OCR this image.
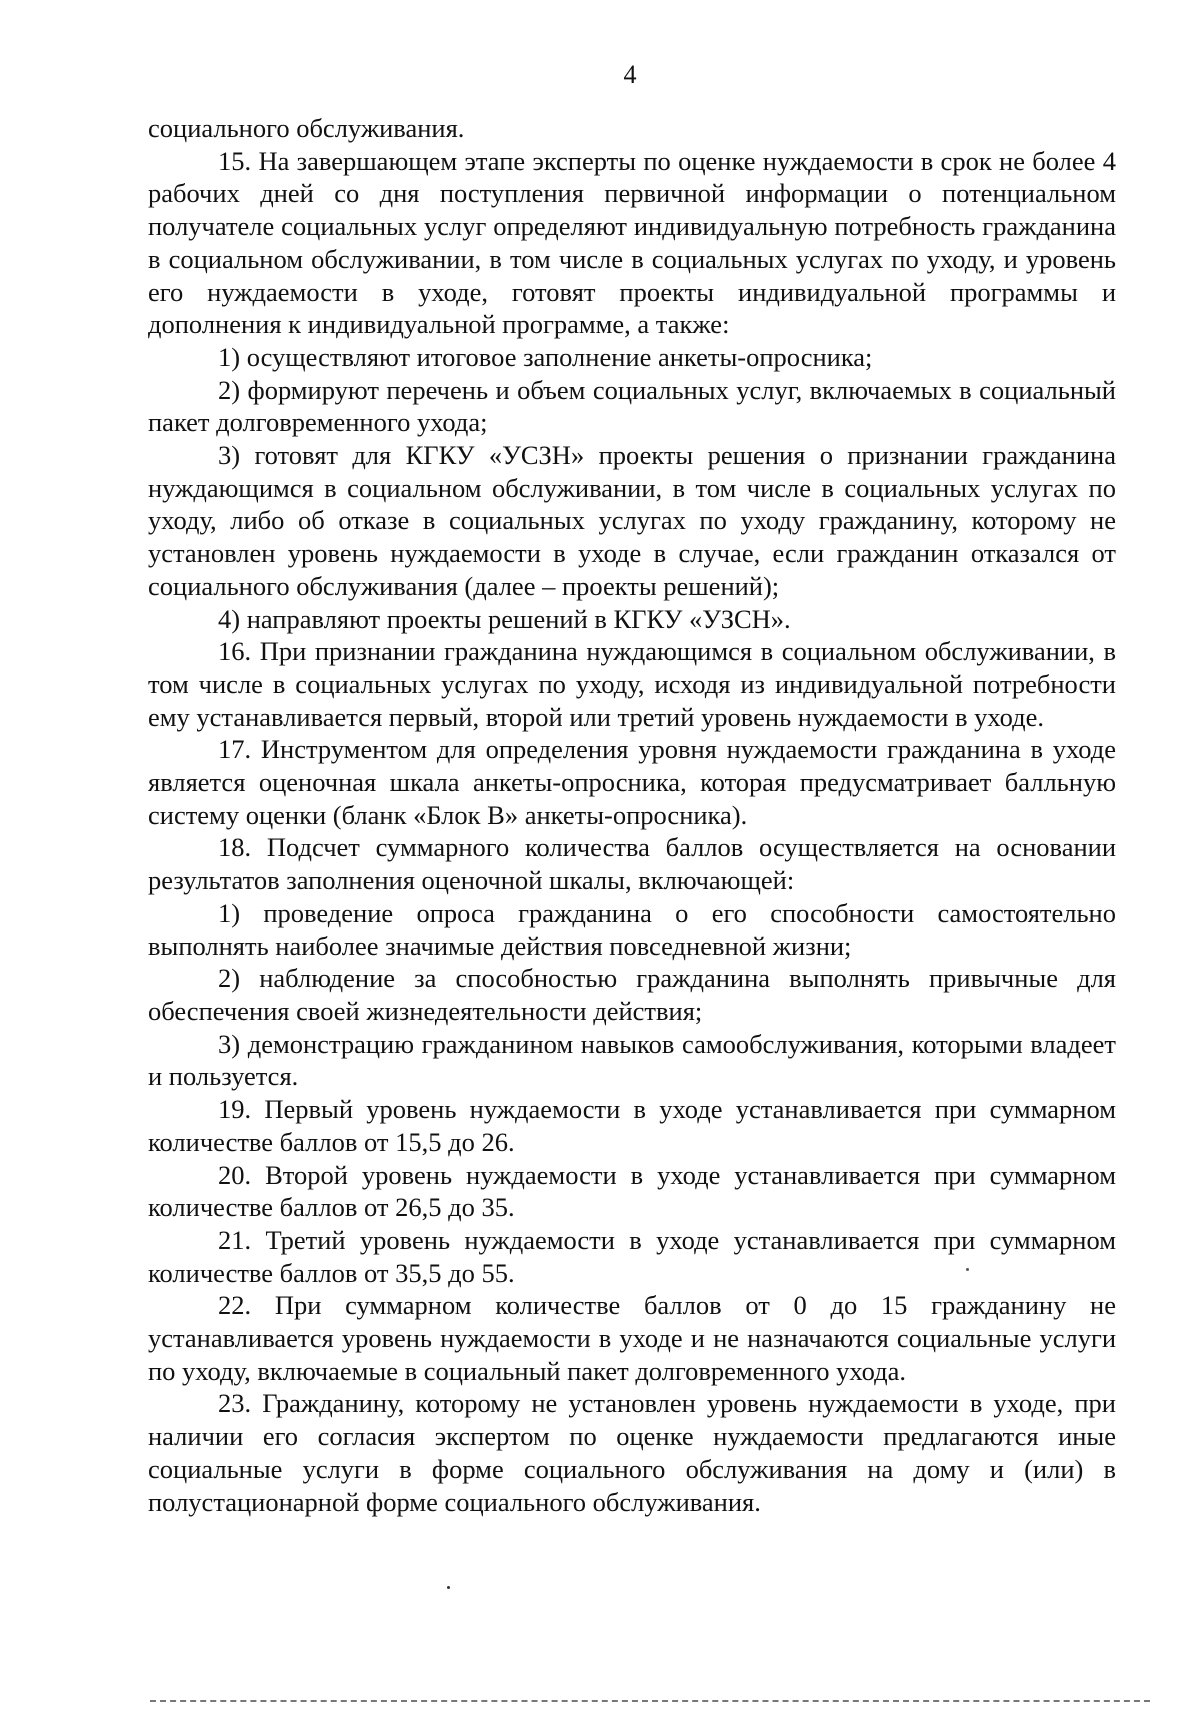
4

социального обслуживания.

15. На завершающем этапе эксперты по оценке нуждаемости в срок не более 4 рабочих дней со дня поступления первичной информации о потенциальном получателе социальных услуг определяют индивидуальную потребность гражданина в социальном обслуживании, в том числе в социальных услугах по уходу, и уровень его нуждаемости в уходе, готовят проекты индивидуальной программы и дополнения к индивидуальной программе, а также:

1) осуществляют итоговое заполнение анкеты-опросника;

2) формируют перечень и объем социальных услуг, включаемых в социальный пакет долговременного ухода;

3) готовят для КГКУ «УСЗН» проекты решения о признании гражданина нуждающимся в социальном обслуживании, в том числе в социальных услугах по уходу, либо об отказе в социальных услугах по уходу гражданину, которому не установлен уровень нуждаемости в уходе в случае, если гражданин отказался от социального обслуживания (далее – проекты решений);

4) направляют проекты решений в КГКУ «УЗСН».

16. При признании гражданина нуждающимся в социальном обслуживании, в том числе в социальных услугах по уходу, исходя из индивидуальной потребности ему устанавливается первый, второй или третий уровень нуждаемости в уходе.

17. Инструментом для определения уровня нуждаемости гражданина в уходе является оценочная шкала анкеты-опросника, которая предусматривает балльную систему оценки (бланк «Блок В» анкеты-опросника).

18. Подсчет суммарного количества баллов осуществляется на основании результатов заполнения оценочной шкалы, включающей:

1) проведение опроса гражданина о его способности самостоятельно выполнять наиболее значимые действия повседневной жизни;

2) наблюдение за способностью гражданина выполнять привычные для обеспечения своей жизнедеятельности действия;

3) демонстрацию гражданином навыков самообслуживания, которыми владеет и пользуется.

19. Первый уровень нуждаемости в уходе устанавливается при суммарном количестве баллов от 15,5 до 26.

20. Второй уровень нуждаемости в уходе устанавливается при суммарном количестве баллов от 26,5 до 35.

21. Третий уровень нуждаемости в уходе устанавливается при суммарном количестве баллов от 35,5 до 55.

22. При суммарном количестве баллов от 0 до 15 гражданину не устанавливается уровень нуждаемости в уходе и не назначаются социальные услуги по уходу, включаемые в социальный пакет долговременного ухода.

23. Гражданину, которому не установлен уровень нуждаемости в уходе, при наличии его согласия экспертом по оценке нуждаемости предлагаются иные социальные услуги в форме социального обслуживания на дому и (или) в полустационарной форме социального обслуживания.
